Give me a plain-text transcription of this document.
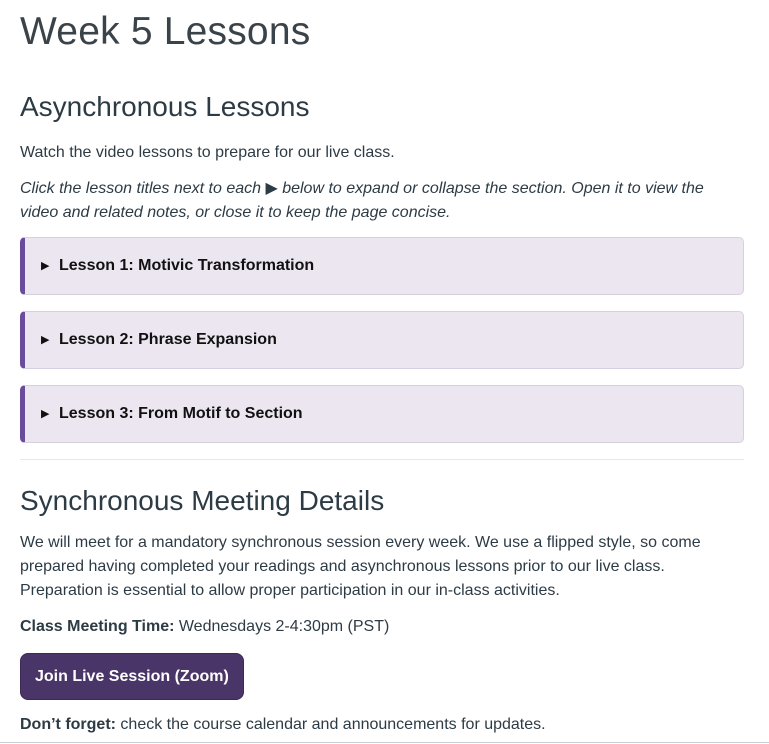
Week 5 Lessons
Asynchronous Lessons

Watch the video lessons to prepare for our live class.

Click the lesson titles next to each ▶ below to expand or collapse the section. Open it to view the video and related notes, or close it to keep the page concise.

▶ Lesson 1: Motivic Transformation
▶ Lesson 2: Phrase Expansion
▶ Lesson 3: From Motif to Section
Synchronous Meeting Details

We will meet for a mandatory synchronous session every week. We use a flipped style, so come prepared having completed your readings and asynchronous lessons prior to our live class. Preparation is essential to allow proper participation in our in-class activities.

Class Meeting Time: Wednesdays 2-4:30pm (PST)

Join Live Session (Zoom)

Don’t forget: check the course calendar and announcements for updates.
